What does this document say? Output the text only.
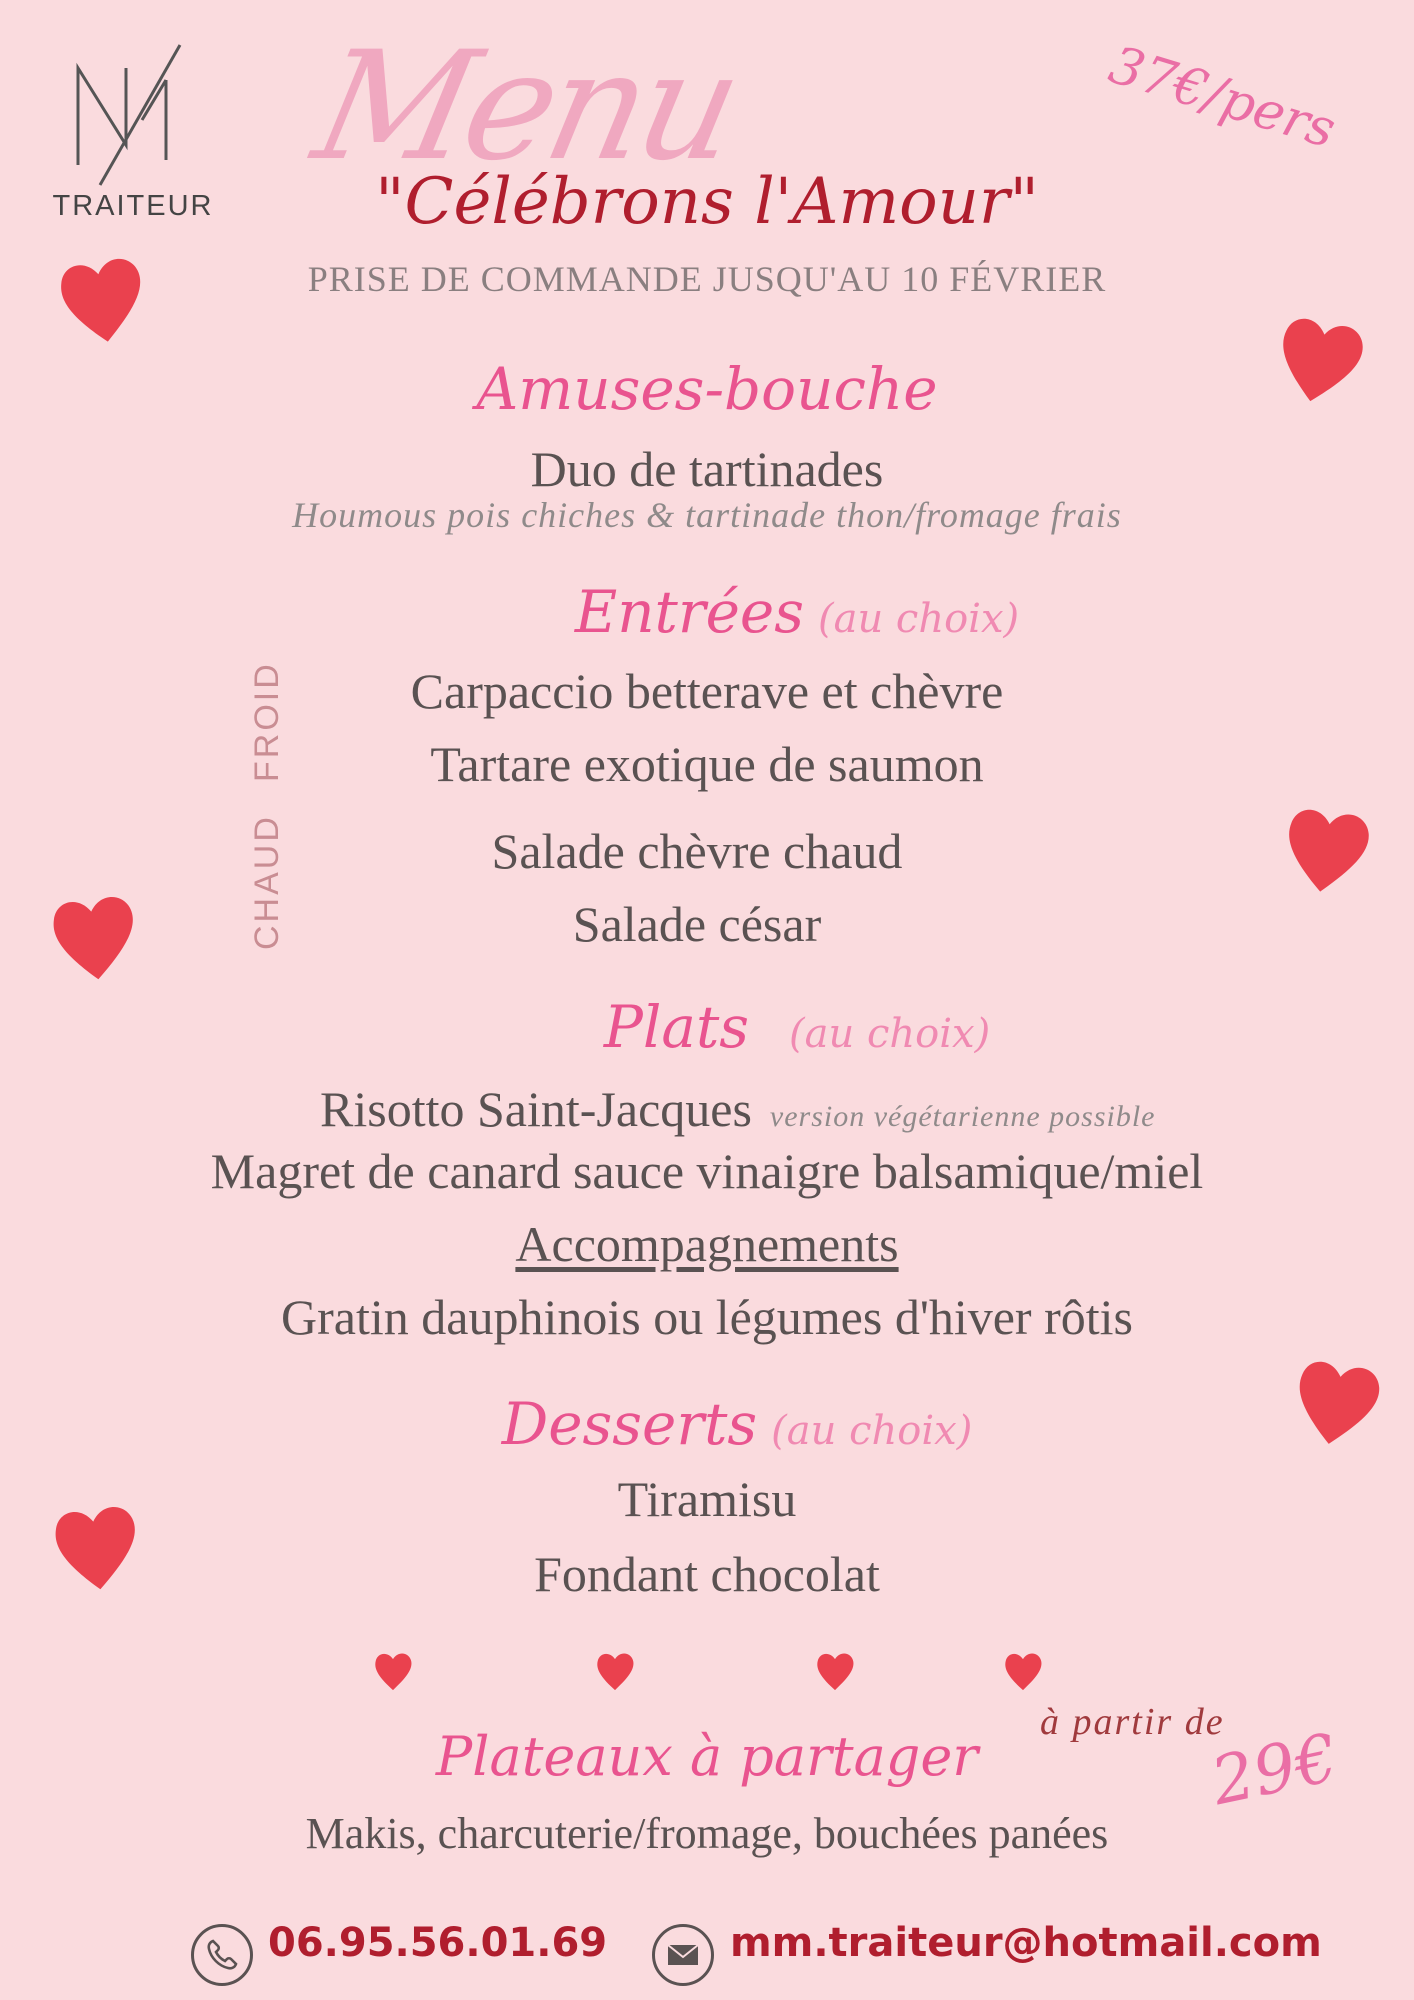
TRAITEUR
Menu	37€/pers
"Célébrons l'Amour"
PRISE DE COMMANDE JUSQU'AU 10 FÉVRIER
Amuses-bouche
Duo de tartinades
Houmous pois chiches & tartinade thon/fromage frais
Entrées (au choix)
FROID
CHAUD
Carpaccio betterave et chèvre
Tartare exotique de saumon
Salade chèvre chaud
Salade césar
Plats (au choix)
Risotto Saint-Jacques version végétarienne possible
Magret de canard sauce vinaigre balsamique/miel
Accompagnements
Gratin dauphinois ou légumes d'hiver rôtis
Desserts (au choix)
Tiramisu
Fondant chocolat
à partir de
29€
Plateaux à partager
Makis, charcuterie/fromage, bouchées panées
06.95.56.01.69	mm.traiteur@hotmail.com
